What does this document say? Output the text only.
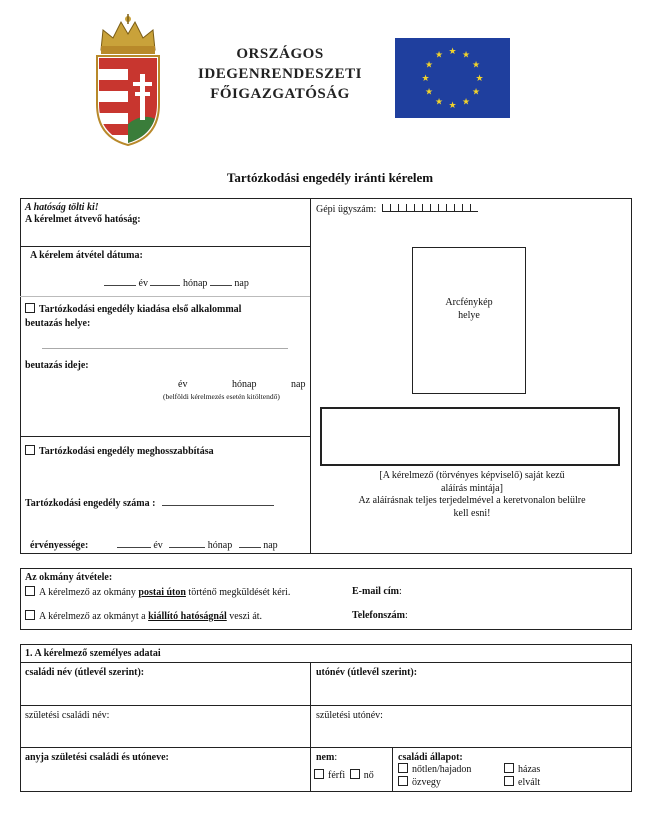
ORSZÁGOS
IDEGENRENDESZETI
FŐIGAZGATÓSÁG
★ ★
★
★
★
★
★
★
★
★
★
★
Tartózkodási engedély iránti kérelem
A hatóság tölti ki!
A kérelmet átvevő hatóság:
A kérelem átvétel dátuma:
év	hónap	nap
Tartózkodási engedély kiadása első alkalommal
beutazás helye:
beutazás ideje:
év	hónap	nap
(belföldi kérelmezés esetén kitöltendő)
Tartózkodási engedély meghosszabbítása
Tartózkodási engedély száma :
érvényessége:	év	hónap	nap
Gépi ügyszám:
Arcfénykép
helye
[A kérelmező (törvényes képviselő) saját kezű
aláírás mintája]
Az aláírásnak teljes terjedelmével a keretvonalon belülre
kell esni!
Az okmány átvétele:
A kérelmező az okmány postai úton történő megküldését kéri.	E-mail cím:
A kérelmező az okmányt a kiállító hatóságnál veszi át.	Telefonszám:
1. A kérelmező személyes adatai
családi név (útlevél szerint):	utónév (útlevél szerint):
születési családi név:	születési utónév:
anyja születési családi és utóneve:	nem:
férfi nő
családi állapot:
nőtlen/hajadon	házas
özvegy	elvált
